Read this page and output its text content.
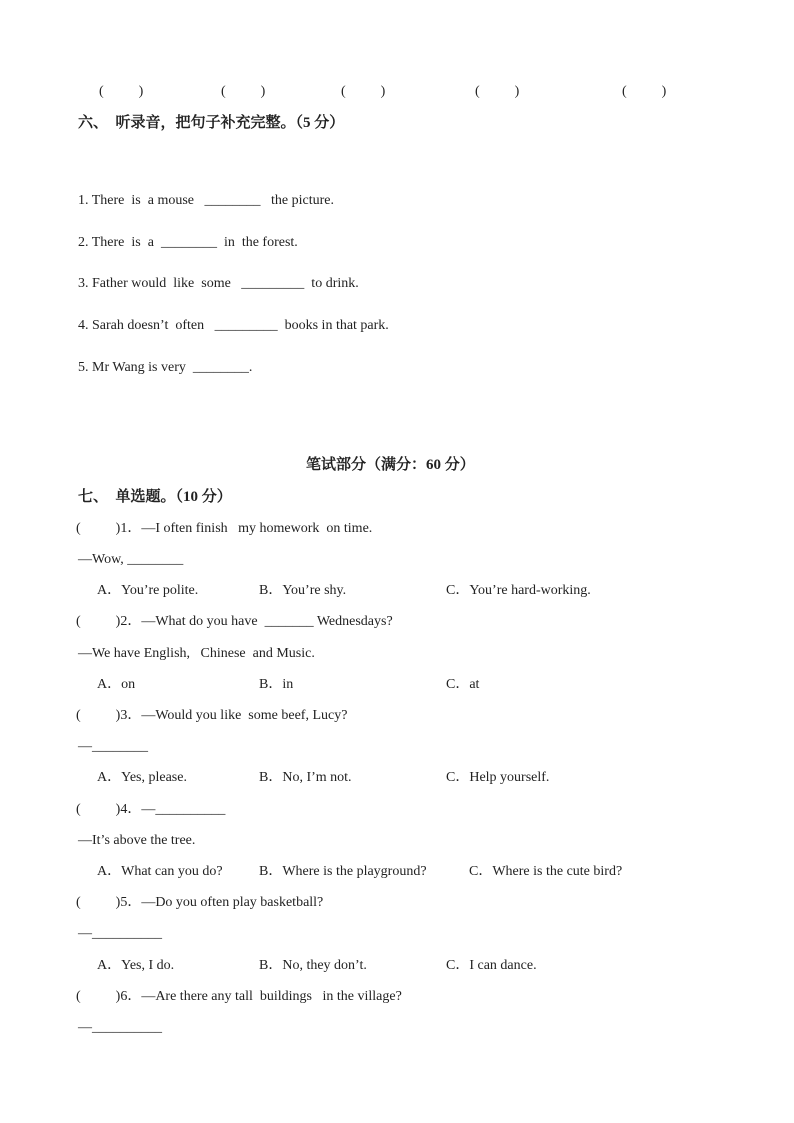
(          )	(          )	(          )	(          )	(          )
六、  听录音，把句子补充完整。（5 分）
1. There  is  a mouse   ________   the picture.
2. There  is  a  ________  in  the forest.
3. Father would  like  some   _________  to drink.
4. Sarah doesn’t  often   _________  books in that park.
5. Mr Wang is very  ________.
笔试部分（满分：60 分）
七、  单选题。（10 分）
(          )1．—I often finish   my homework  on time.
—Wow, ________
A．You’re polite.	B．You’re shy.	C．You’re hard-working.
(          )2．—What do you have  _______ Wednesdays?
—We have English,   Chinese  and Music.
A．on	B．in	C．at
(          )3．—Would you like  some beef, Lucy?
—________
A．Yes, please.	B．No, I’m not.	C．Help yourself.
(          )4．—__________
—It’s above the tree.
A．What can you do?	B．Where is the playground?	C．Where is the cute bird?
(          )5．—Do you often play basketball?
—__________
A．Yes, I do.	B．No, they don’t.	C．I can dance.
(          )6．—Are there any tall  buildings   in the village?
—__________
